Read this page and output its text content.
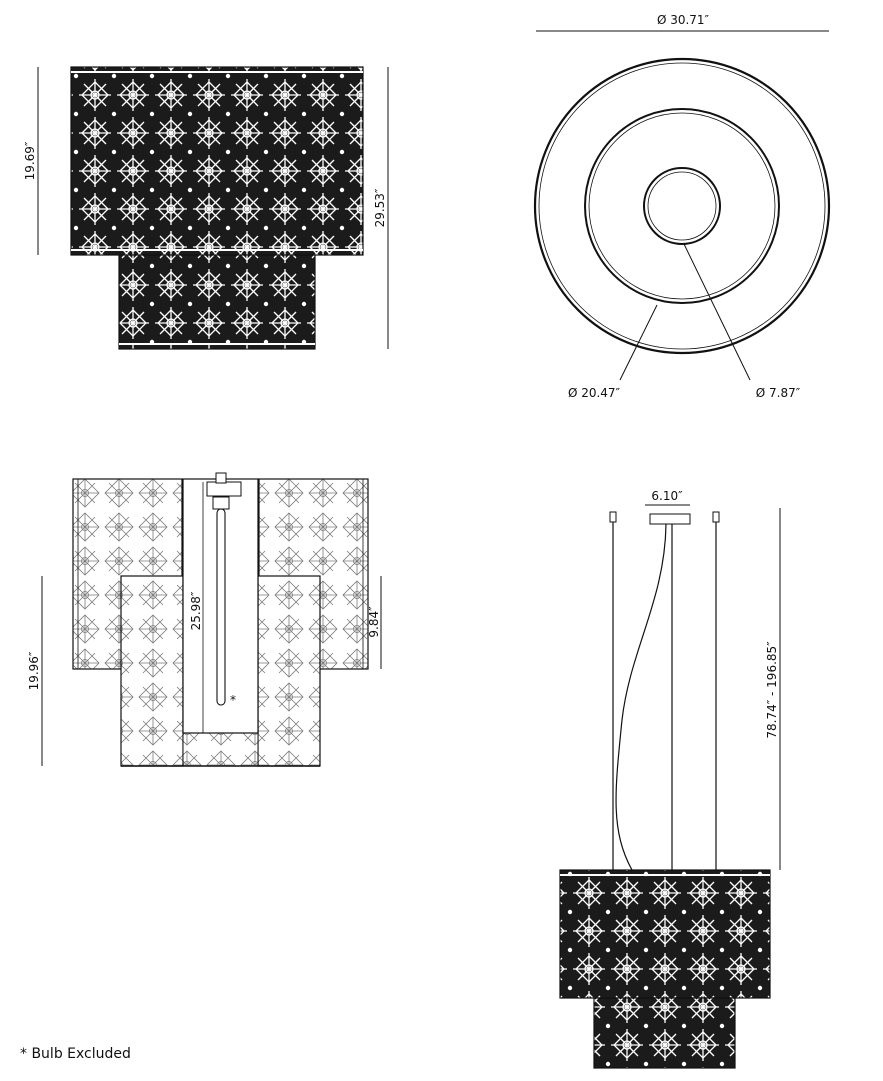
19.69″
29.53″
Ø 30.71″
Ø 20.47″	Ø 7.87″
*
19.96″
25.98″	9.84″
6.10″
78.74″ - 196.85″
* Bulb Excluded
